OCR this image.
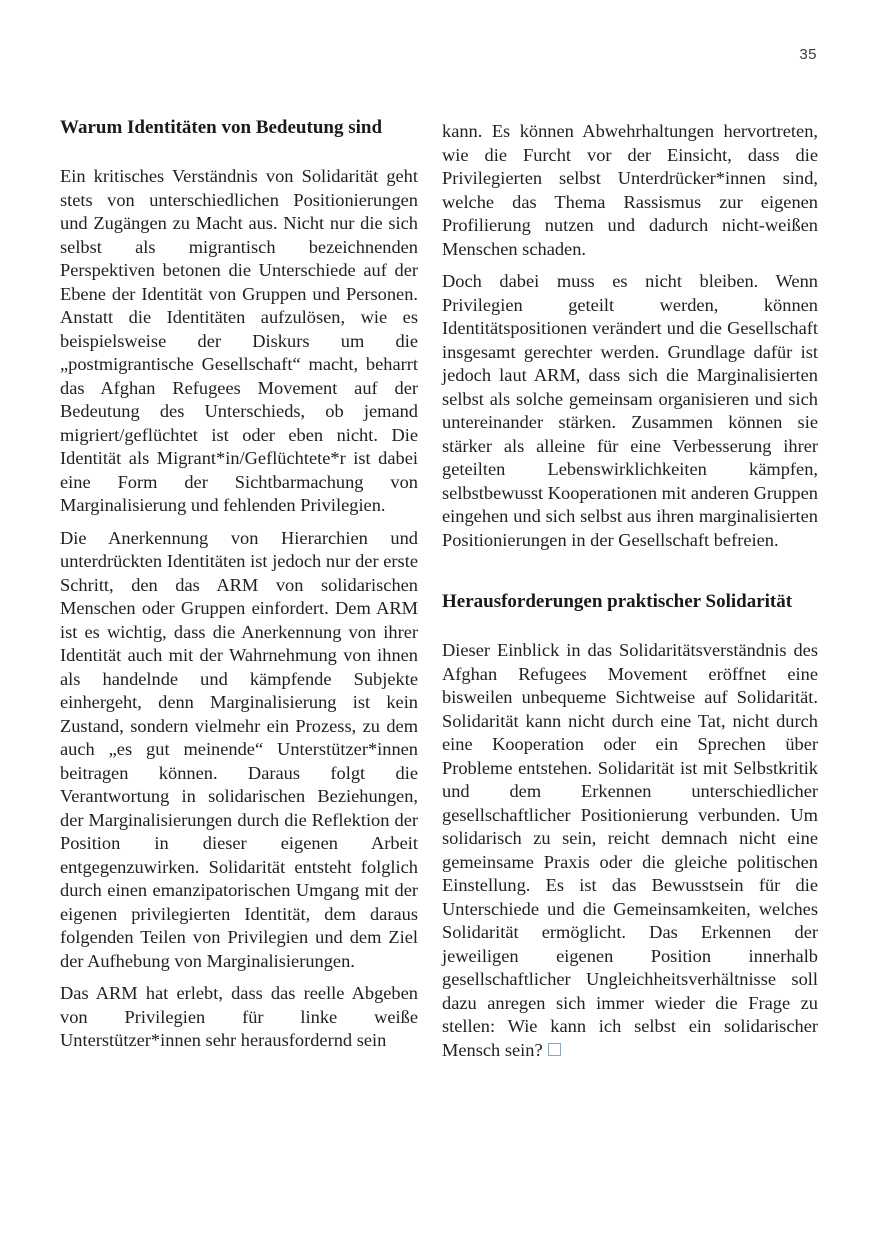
35
Warum Identitäten von Bedeutung sind

Ein kritisches Verständnis von Solidarität geht stets von unterschiedlichen Positionierungen und Zugängen zu Macht aus. Nicht nur die sich selbst als migrantisch bezeichnenden Perspektiven betonen die Unterschiede auf der Ebene der Identität von Gruppen und Personen. Anstatt die Identitäten aufzulösen, wie es beispielsweise der Diskurs um die „postmigrantische Gesellschaft“ macht, beharrt das Afghan Refugees Movement auf der Bedeutung des Unterschieds, ob jemand migriert/geflüchtet ist oder eben nicht. Die Identität als Migrant*in/Geflüchtete*r ist dabei eine Form der Sichtbarmachung von Marginalisierung und fehlenden Privilegien.

Die Anerkennung von Hierarchien und unterdrückten Identitäten ist jedoch nur der erste Schritt, den das ARM von solidarischen Menschen oder Gruppen einfordert. Dem ARM ist es wichtig, dass die Anerkennung von ihrer Identität auch mit der Wahrnehmung von ihnen als handelnde und kämpfende Subjekte einhergeht, denn Marginalisierung ist kein Zustand, sondern vielmehr ein Prozess, zu dem auch „es gut meinende“ Unterstützer*innen beitragen können. Daraus folgt die Verantwortung in solidarischen Beziehungen, der Marginalisierungen durch die Reflektion der Position in dieser eigenen Arbeit entgegenzuwirken. Solidarität entsteht folglich durch einen emanzipatorischen Umgang mit der eigenen privilegierten Identität, dem daraus folgenden Teilen von Privilegien und dem Ziel der Aufhebung von Marginalisierungen.

Das ARM hat erlebt, dass das reelle Abgeben von Privilegien für linke weiße Unterstützer*innen sehr herausfordernd sein

kann. Es können Abwehrhaltungen hervortreten, wie die Furcht vor der Einsicht, dass die Privilegierten selbst Unterdrücker*innen sind, welche das Thema Rassismus zur eigenen Profilierung nutzen und dadurch nicht-weißen Menschen schaden.

Doch dabei muss es nicht bleiben. Wenn Privilegien geteilt werden, können Identitätspositionen verändert und die Gesellschaft insgesamt gerechter werden. Grundlage dafür ist jedoch laut ARM, dass sich die Marginalisierten selbst als solche gemeinsam organisieren und sich untereinander stärken. Zusammen können sie stärker als alleine für eine Verbesserung ihrer geteilten Lebenswirklichkeiten kämpfen, selbstbewusst Kooperationen mit anderen Gruppen eingehen und sich selbst aus ihren marginalisierten Positionierungen in der Gesellschaft befreien.

Herausforderungen praktischer Solidarität

Dieser Einblick in das Solidaritätsverständnis des Afghan Refugees Movement eröffnet eine bisweilen unbequeme Sichtweise auf Solidarität. Solidarität kann nicht durch eine Tat, nicht durch eine Kooperation oder ein Sprechen über Probleme entstehen. Solidarität ist mit Selbstkritik und dem Erkennen unterschiedlicher gesellschaftlicher Positionierung verbunden. Um solidarisch zu sein, reicht demnach nicht eine gemeinsame Praxis oder die gleiche politischen Einstellung. Es ist das Bewusstsein für die Unterschiede und die Gemeinsamkeiten, welches Solidarität ermöglicht. Das Erkennen der jeweiligen eigenen Position innerhalb gesellschaftlicher Ungleichheitsverhältnisse soll dazu anregen sich immer wieder die Frage zu stellen: Wie kann ich selbst ein solidarischer Mensch sein?
